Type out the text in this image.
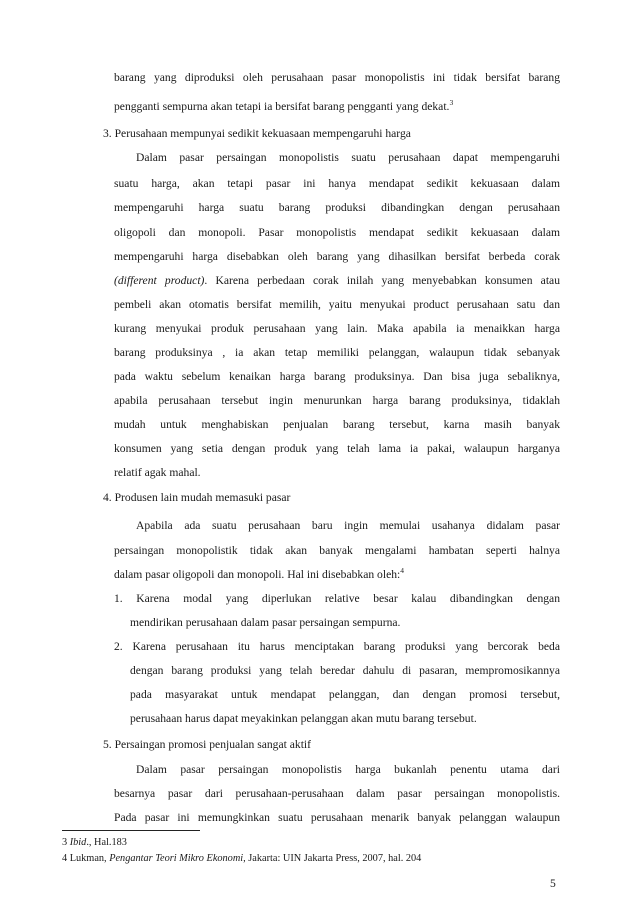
barang yang diproduksi oleh perusahaan pasar monopolistis ini tidak bersifat barang
pengganti sempurna akan tetapi ia bersifat barang pengganti yang dekat.$^3$
3. Perusahaan mempunyai sedikit kekuasaan mempengaruhi harga
Dalam pasar persaingan monopolistis suatu perusahaan dapat mempengaruhi
suatu harga, akan tetapi pasar ini hanya mendapat sedikit kekuasaan dalam
mempengaruhi harga suatu barang produksi dibandingkan dengan perusahaan
oligopoli dan monopoli. Pasar monopolistis mendapat sedikit kekuasaan dalam
mempengaruhi harga disebabkan oleh barang yang dihasilkan bersifat berbeda corak
(different product). Karena perbedaan corak inilah yang menyebabkan konsumen atau
pembeli akan otomatis bersifat memilih, yaitu menyukai product perusahaan satu dan
kurang menyukai produk perusahaan yang lain. Maka apabila ia menaikkan harga
barang produksinya , ia akan tetap memiliki pelanggan, walaupun tidak sebanyak
pada waktu sebelum kenaikan harga barang produksinya. Dan bisa juga sebaliknya,
apabila perusahaan tersebut ingin menurunkan harga barang produksinya, tidaklah
mudah untuk menghabiskan penjualan barang tersebut, karna masih banyak
konsumen yang setia dengan produk yang telah lama ia pakai, walaupun harganya
relatif agak mahal.
4. Produsen lain mudah memasuki pasar
Apabila ada suatu perusahaan baru ingin memulai usahanya didalam pasar
persaingan monopolistik tidak akan banyak mengalami hambatan seperti halnya
dalam pasar oligopoli dan monopoli. Hal ini disebabkan oleh:$^4$
1. Karena modal yang diperlukan relative besar kalau dibandingkan dengan
mendirikan perusahaan dalam pasar persaingan sempurna.
2. Karena perusahaan itu harus menciptakan barang produksi yang bercorak beda
dengan barang produksi yang telah beredar dahulu di pasaran, mempromosikannya
pada masyarakat untuk mendapat pelanggan, dan dengan promosi tersebut,
perusahaan harus dapat meyakinkan pelanggan akan mutu barang tersebut.
5. Persaingan promosi penjualan sangat aktif
Dalam pasar persaingan monopolistis harga bukanlah penentu utama dari
besarnya pasar dari perusahaan-perusahaan dalam pasar persaingan monopolistis.
Pada pasar ini memungkinkan suatu perusahaan menarik banyak pelanggan walaupun
3 Ibid., Hal.183
4 Lukman, Pengantar Teori Mikro Ekonomi, Jakarta: UIN Jakarta Press, 2007, hal. 204
5
